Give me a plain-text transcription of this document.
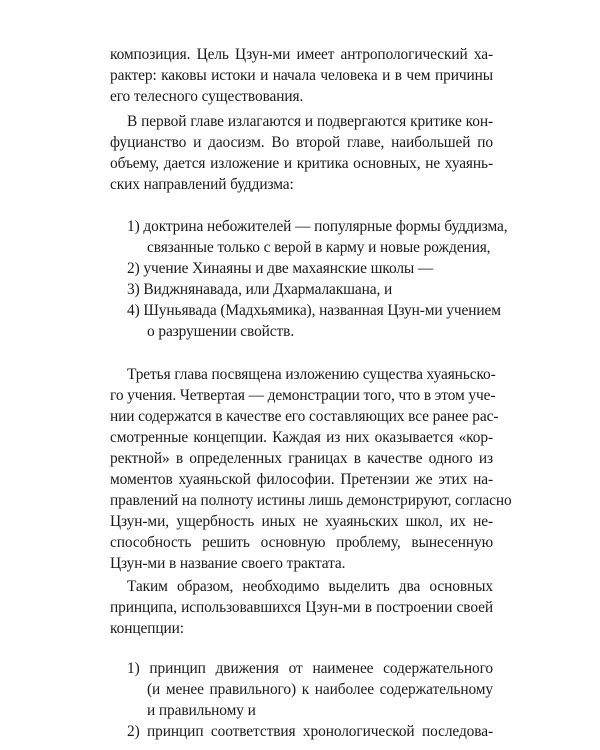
композиция. Цель Цзун-ми имеет антропологический ха-
рактер: каковы истоки и начала человека и в чем причины
его телесного существования.
В первой главе излагаются и подвергаются критике кон-
фуцианство и даосизм. Во второй главе, наибольшей по
объему, дается изложение и критика основных, не хуаянь-
ских направлений буддизма:
1) доктрина небожителей — популярные формы буддизма,
связанные только с верой в карму и новые рождения,
2) учение Хинаяны и две махаянские школы —
3) Виджнянавада, или Дхармалакшана, и
4) Шуньявада (Мадхьямика), названная Цзун-ми учением
о разрушении свойств.
Третья глава посвящена изложению существа хуаяньско-
го учения. Четвертая — демонстрации того, что в этом уче-
нии содержатся в качестве его составляющих все ранее рас-
смотренные концепции. Каждая из них оказывается «кор-
ректной» в определенных границах в качестве одного из
моментов хуаяньской философии. Претензии же этих на-
правлений на полноту истины лишь демонстрируют, согласно
Цзун-ми, ущербность иных не хуаяньских школ, их не-
способность решить основную проблему, вынесенную
Цзун-ми в название своего трактата.
Таким образом, необходимо выделить два основных
принципа, использовавшихся Цзун-ми в построении своей
концепции:
1) принцип движения от наименее содержательного
(и менее правильного) к наиболее содержательному
и правильному и
2) принцип соответствия хронологической последова-
